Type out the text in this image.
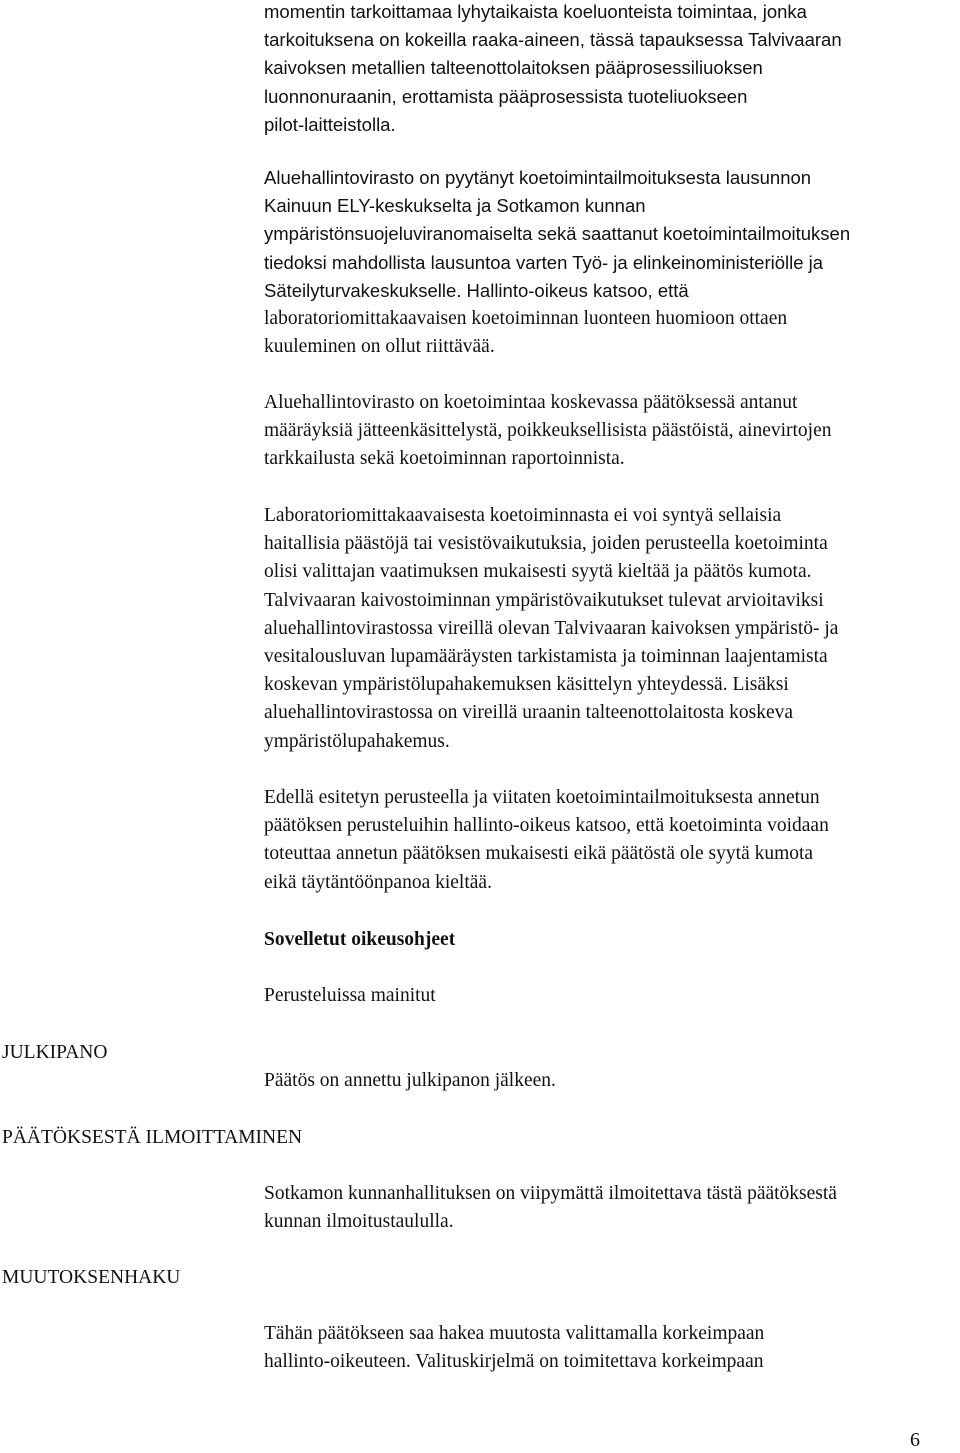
momentin tarkoittamaa lyhytaikaista koeluonteista toimintaa, jonka
tarkoituksena on kokeilla raaka-aineen, tässä tapauksessa Talvivaaran
kaivoksen metallien talteenottolaitoksen pääprosessiliuoksen
luonnonuraanin, erottamista pääprosessista tuoteliuokseen
pilot-laitteistolla.
Aluehallintovirasto on pyytänyt koetoimintailmoituksesta lausunnon
Kainuun ELY-keskukselta ja Sotkamon kunnan
ympäristönsuojeluviranomaiselta sekä saattanut koetoimintailmoituksen
tiedoksi mahdollista lausuntoa varten Työ- ja elinkeinoministeriölle ja
Säteilyturvakeskukselle. Hallinto-oikeus katsoo, että
laboratoriomittakaavaisen koetoiminnan luonteen huomioon ottaen
kuuleminen on ollut riittävää.
Aluehallintovirasto on koetoimintaa koskevassa päätöksessä antanut
määräyksiä jätteenkäsittelystä, poikkeuksellisista päästöistä, ainevirtojen
tarkkailusta sekä koetoiminnan raportoinnista.
Laboratoriomittakaavaisesta koetoiminnasta ei voi syntyä sellaisia
haitallisia päästöjä tai vesistövaikutuksia, joiden perusteella koetoiminta
olisi valittajan vaatimuksen mukaisesti syytä kieltää ja päätös kumota.
Talvivaaran kaivostoiminnan ympäristövaikutukset tulevat arvioitaviksi
aluehallintovirastossa vireillä olevan Talvivaaran kaivoksen ympäristö- ja
vesitalousluvan lupamääräysten tarkistamista ja toiminnan laajentamista
koskevan ympäristölupahakemuksen käsittelyn yhteydessä. Lisäksi
aluehallintovirastossa on vireillä uraanin talteenottolaitosta koskeva
ympäristölupahakemus.
Edellä esitetyn perusteella ja viitaten koetoimintailmoituksesta annetun
päätöksen perusteluihin hallinto-oikeus katsoo, että koetoiminta voidaan
toteuttaa annetun päätöksen mukaisesti eikä päätöstä ole syytä kumota
eikä täytäntöönpanoa kieltää.
Sovelletut oikeusohjeet
Perusteluissa mainitut
JULKIPANO
PÄÄTÖKSESTÄ ILMOITTAMINEN
MUUTOKSENHAKU
Päätös on annettu julkipanon jälkeen.
Sotkamon kunnanhallituksen on viipymättä ilmoitettava tästä päätöksestä
kunnan ilmoitustaululla.
Tähän päätökseen saa hakea muutosta valittamalla korkeimpaan
hallinto-oikeuteen. Valituskirjelmä on toimitettava korkeimpaan
6
